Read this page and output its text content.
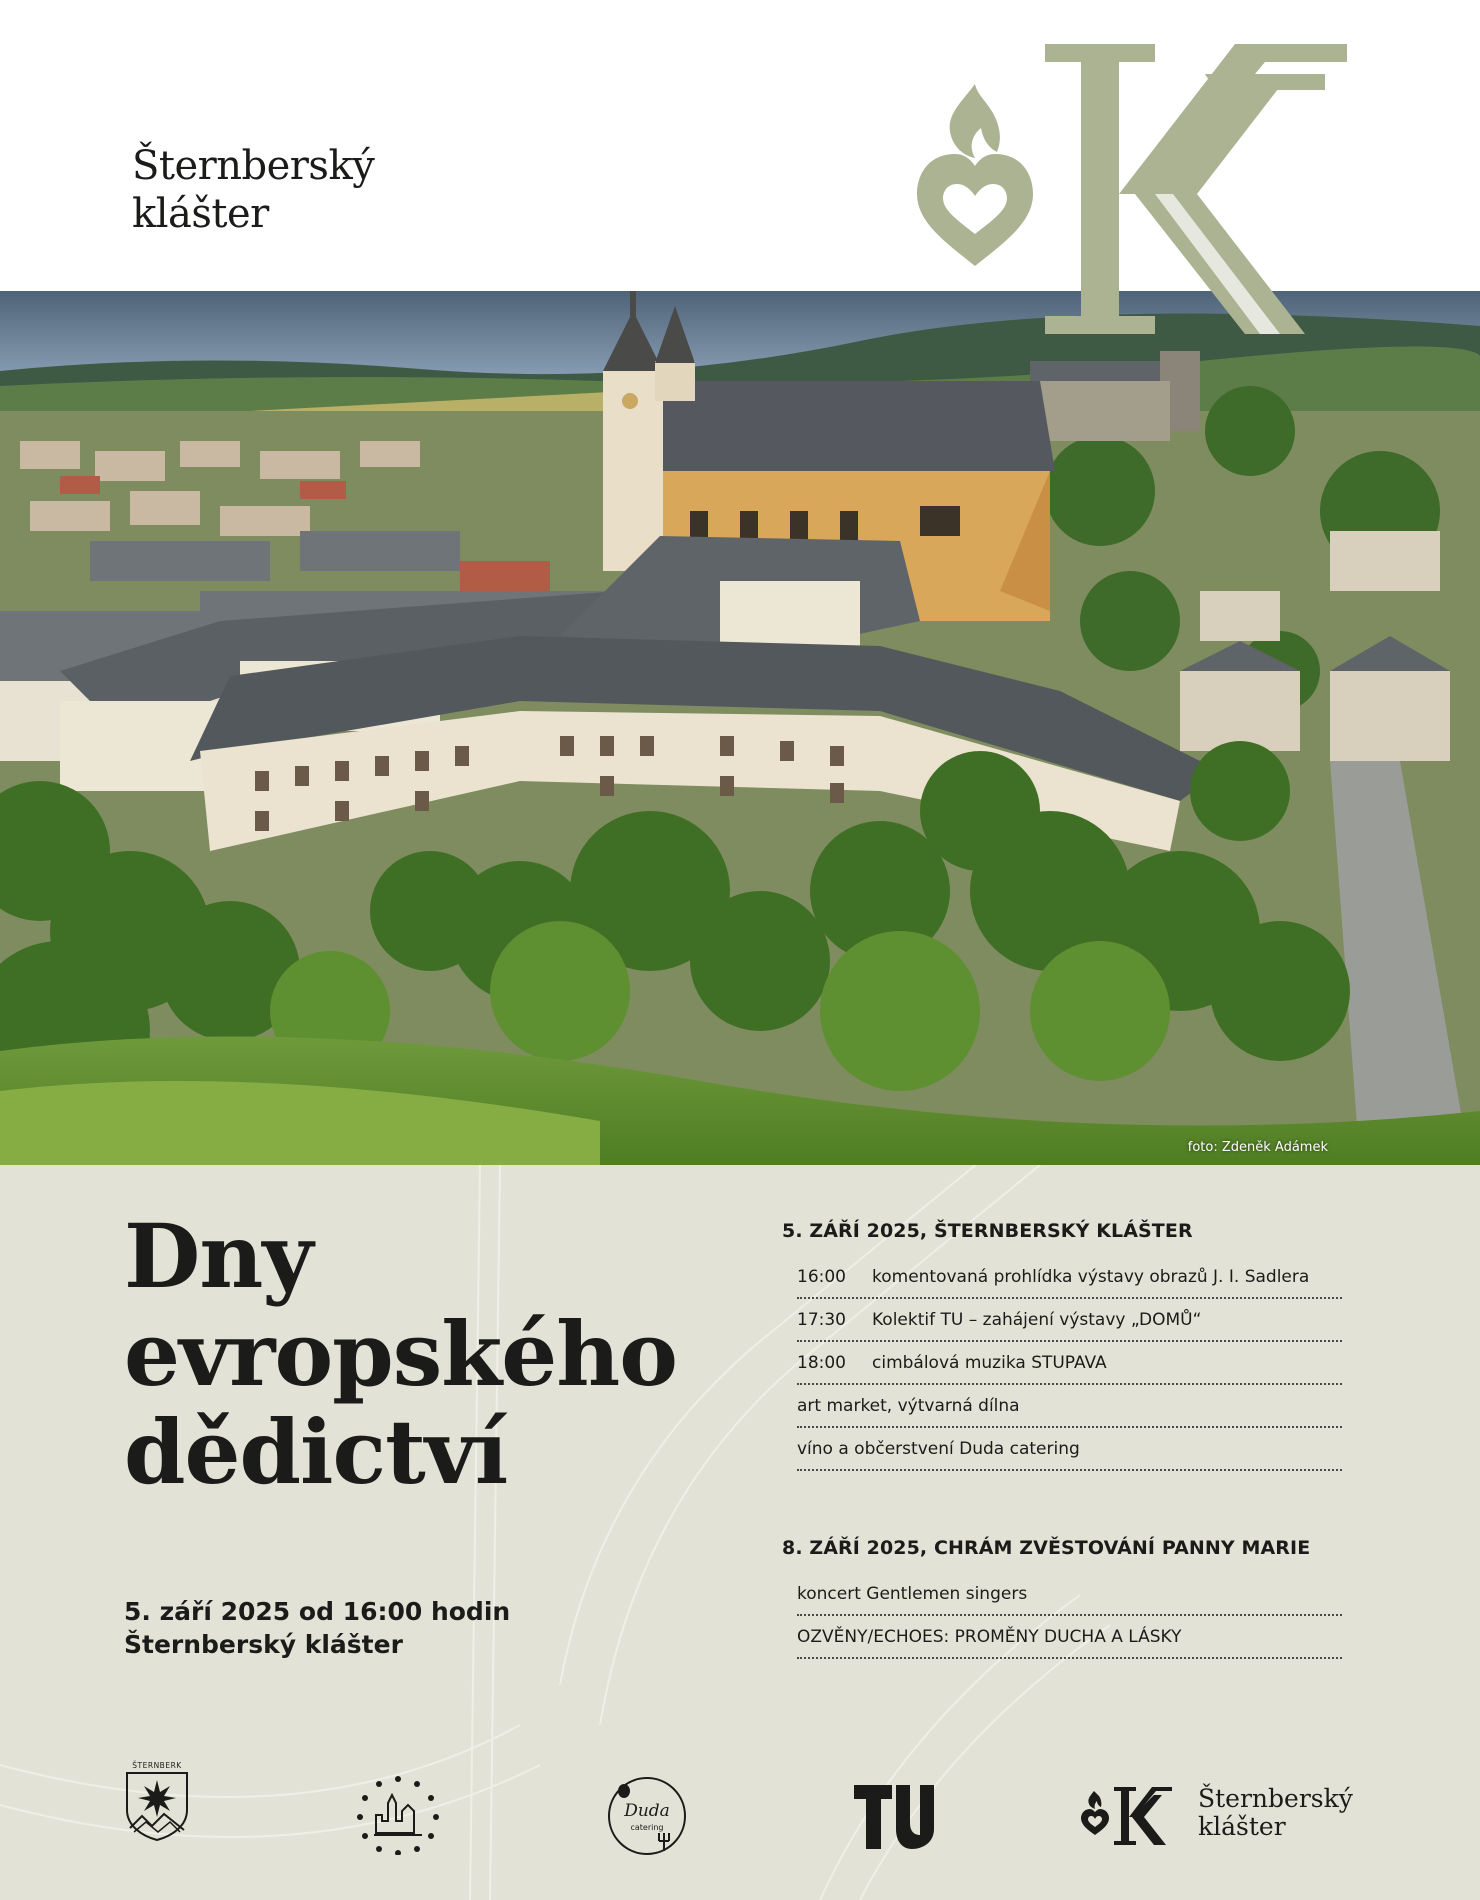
Šternberský
klášter
foto: Zdeněk Adámek
Dny
evropského
dědictví
5. září 2025 od 16:00 hodin
Šternberský klášter
5. ZÁŘÍ 2025, ŠTERNBERSKÝ KLÁŠTER
16:00	komentovaná prohlídka výstavy obrazů J. I. Sadlera
17:30	Kolektif TU – zahájení výstavy „DOMŮ“
18:00	cimbálová muzika STUPAVA
art market, výtvarná dílna
víno a občerstvení Duda catering
8. ZÁŘÍ 2025, CHRÁM ZVĚSTOVÁNÍ PANNY MARIE
koncert Gentlemen singers
OZVĚNY/ECHOES: PROMĚNY DUCHA A LÁSKY
ŠTERNBERK
Duda
catering
Šternberský
klášter
